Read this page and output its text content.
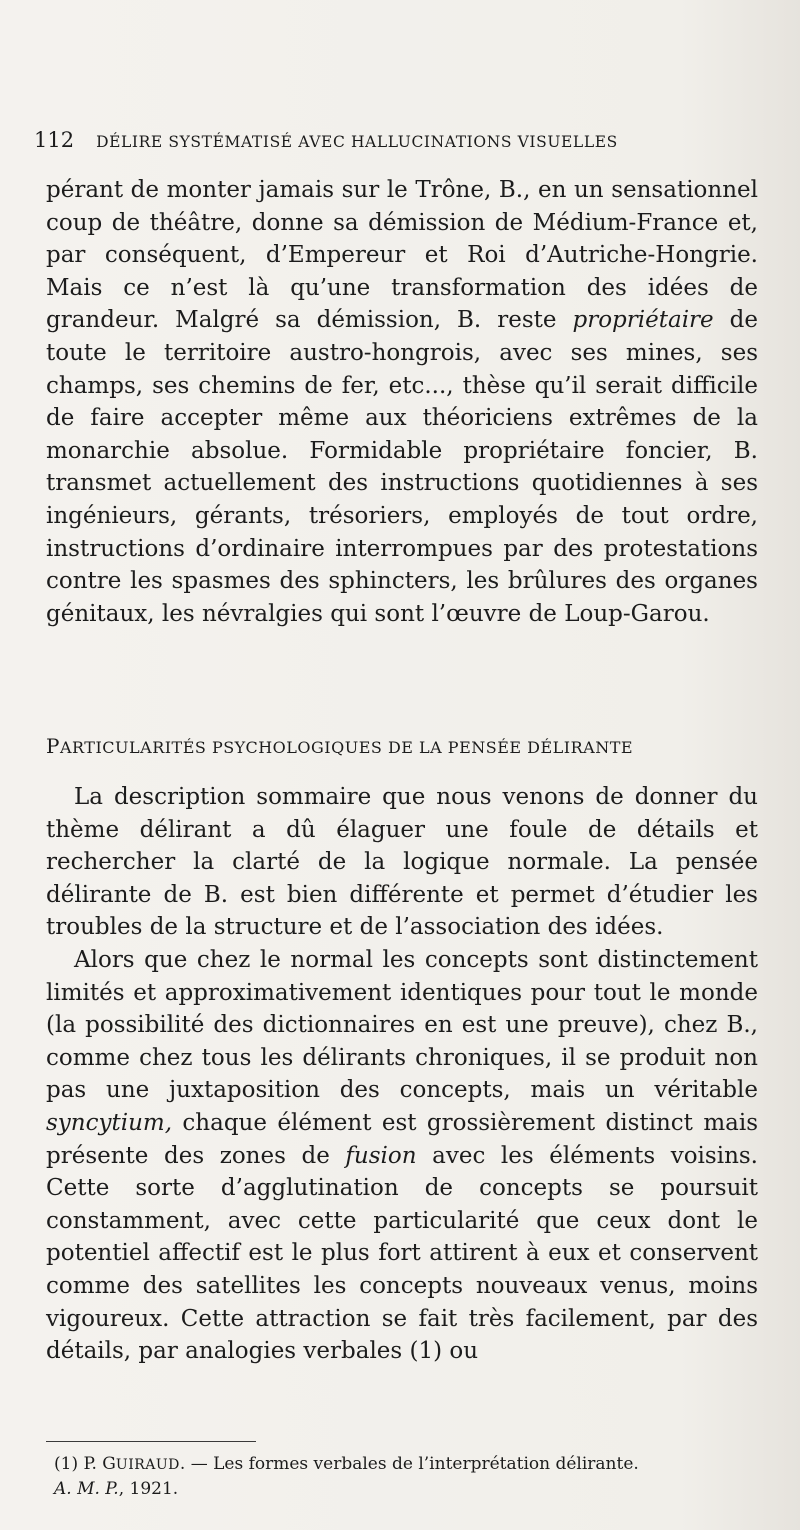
112 DÉLIRE SYSTÉMATISÉ AVEC HALLUCINATIONS VISUELLES

pérant de monter jamais sur le Trône, B., en un sensationnel coup de théâtre, donne sa démission de Médium-France et, par conséquent, d’Empereur et Roi d’Autriche-Hongrie. Mais ce n’est là qu’une transformation des idées de grandeur. Malgré sa démission, B. reste propriétaire de toute le territoire austro-hongrois, avec ses mines, ses champs, ses chemins de fer, etc..., thèse qu’il serait difficile de faire accepter même aux théoriciens extrêmes de la monarchie absolue. Formidable propriétaire foncier, B. transmet actuellement des instructions quotidiennes à ses ingénieurs, gérants, trésoriers, employés de tout ordre, instructions d’ordinaire interrompues par des protestations contre les spasmes des sphincters, les brûlures des organes génitaux, les névralgies qui sont l’œuvre de Loup-Garou.

PARTICULARITÉS PSYCHOLOGIQUES DE LA PENSÉE DÉLIRANTE

La description sommaire que nous venons de donner du thème délirant a dû élaguer une foule de détails et rechercher la clarté de la logique normale. La pensée délirante de B. est bien différente et permet d’étudier les troubles de la structure et de l’association des idées.

Alors que chez le normal les concepts sont distinctement limités et approximativement identiques pour tout le monde (la possibilité des dictionnaires en est une preuve), chez B., comme chez tous les délirants chroniques, il se produit non pas une juxtaposition des concepts, mais un véritable syncytium, chaque élément est grossièrement distinct mais présente des zones de fusion avec les éléments voisins. Cette sorte d’agglutination de concepts se poursuit constamment, avec cette particularité que ceux dont le potentiel affectif est le plus fort attirent à eux et conservent comme des satellites les concepts nouveaux venus, moins vigoureux. Cette attraction se fait très facilement, par des détails, par analogies verbales (1) ou

(1) P. GUIRAUD. — Les formes verbales de l’interprétation délirante.
A. M. P., 1921.
